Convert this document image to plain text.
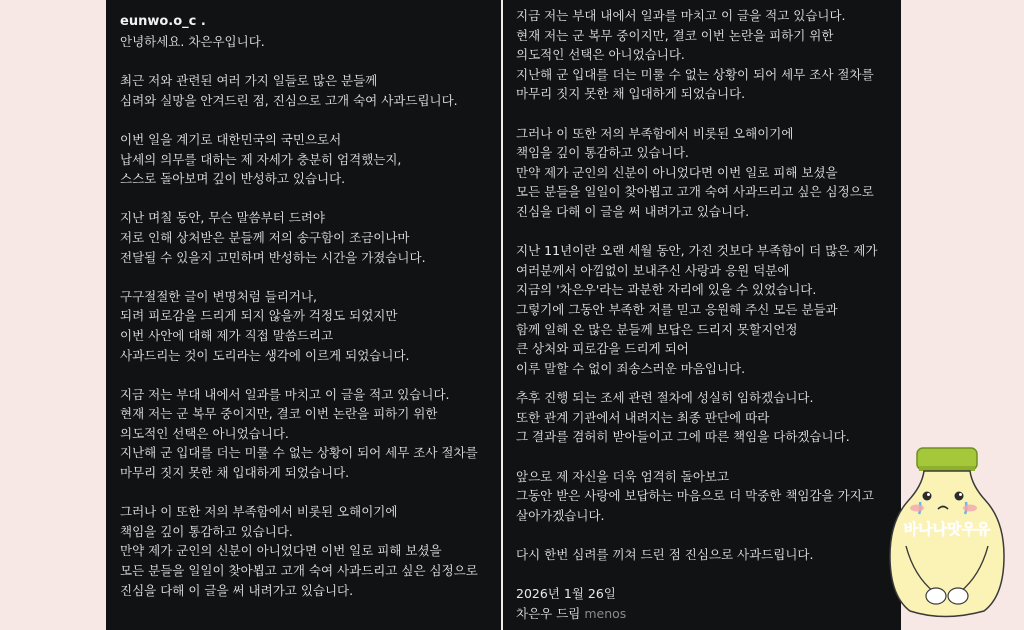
eunwo.o_c .
안녕하세요. 차은우입니다.
최근 저와 관련된 여러 가지 일들로 많은 분들께
심려와 실망을 안겨드린 점, 진심으로 고개 숙여 사과드립니다.
이번 일을 계기로 대한민국의 국민으로서
납세의 의무를 대하는 제 자세가 충분히 엄격했는지,
스스로 돌아보며 깊이 반성하고 있습니다.
지난 며칠 동안, 무슨 말씀부터 드려야
저로 인해 상처받은 분들께 저의 송구함이 조금이나마
전달될 수 있을지 고민하며 반성하는 시간을 가졌습니다.
구구절절한 글이 변명처럼 들리거나,
되려 피로감을 드리게 되지 않을까 걱정도 되었지만
이번 사안에 대해 제가 직접 말씀드리고
사과드리는 것이 도리라는 생각에 이르게 되었습니다.
지금 저는 부대 내에서 일과를 마치고 이 글을 적고 있습니다.
현재 저는 군 복무 중이지만, 결코 이번 논란을 피하기 위한
의도적인 선택은 아니었습니다.
지난해 군 입대를 더는 미룰 수 없는 상황이 되어 세무 조사 절차를
마무리 짓지 못한 채 입대하게 되었습니다.
그러나 이 또한 저의 부족함에서 비롯된 오해이기에
책임을 깊이 통감하고 있습니다.
만약 제가 군인의 신분이 아니었다면 이번 일로 피해 보셨을
모든 분들을 일일이 찾아뵙고 고개 숙여 사과드리고 싶은 심정으로
진심을 다해 이 글을 써 내려가고 있습니다.
지금 저는 부대 내에서 일과를 마치고 이 글을 적고 있습니다.
현재 저는 군 복무 중이지만, 결코 이번 논란을 피하기 위한
의도적인 선택은 아니었습니다.
지난해 군 입대를 더는 미룰 수 없는 상황이 되어 세무 조사 절차를
마무리 짓지 못한 채 입대하게 되었습니다.
그러나 이 또한 저의 부족함에서 비롯된 오해이기에
책임을 깊이 통감하고 있습니다.
만약 제가 군인의 신분이 아니었다면 이번 일로 피해 보셨을
모든 분들을 일일이 찾아뵙고 고개 숙여 사과드리고 싶은 심정으로
진심을 다해 이 글을 써 내려가고 있습니다.
지난 11년이란 오랜 세월 동안, 가진 것보다 부족함이 더 많은 제가
여러분께서 아낌없이 보내주신 사랑과 응원 덕분에
지금의 '차은우'라는 과분한 자리에 있을 수 있었습니다.
그렇기에 그동안 부족한 저를 믿고 응원해 주신 모든 분들과
함께 일해 온 많은 분들께 보답은 드리지 못할지언정
큰 상처와 피로감을 드리게 되어
이루 말할 수 없이 죄송스러운 마음입니다.
추후 진행 되는 조세 관련 절차에 성실히 임하겠습니다.
또한 관계 기관에서 내려지는 최종 판단에 따라
그 결과를 겸허히 받아들이고 그에 따른 책임을 다하겠습니다.
앞으로 제 자신을 더욱 엄격히 돌아보고
그동안 받은 사랑에 보답하는 마음으로 더 막중한 책임감을 가지고
살아가겠습니다.
다시 한번 심려를 끼쳐 드린 점 진심으로 사과드립니다.
2026년 1월 26일
차은우 드림 menos
바나나맛우유
